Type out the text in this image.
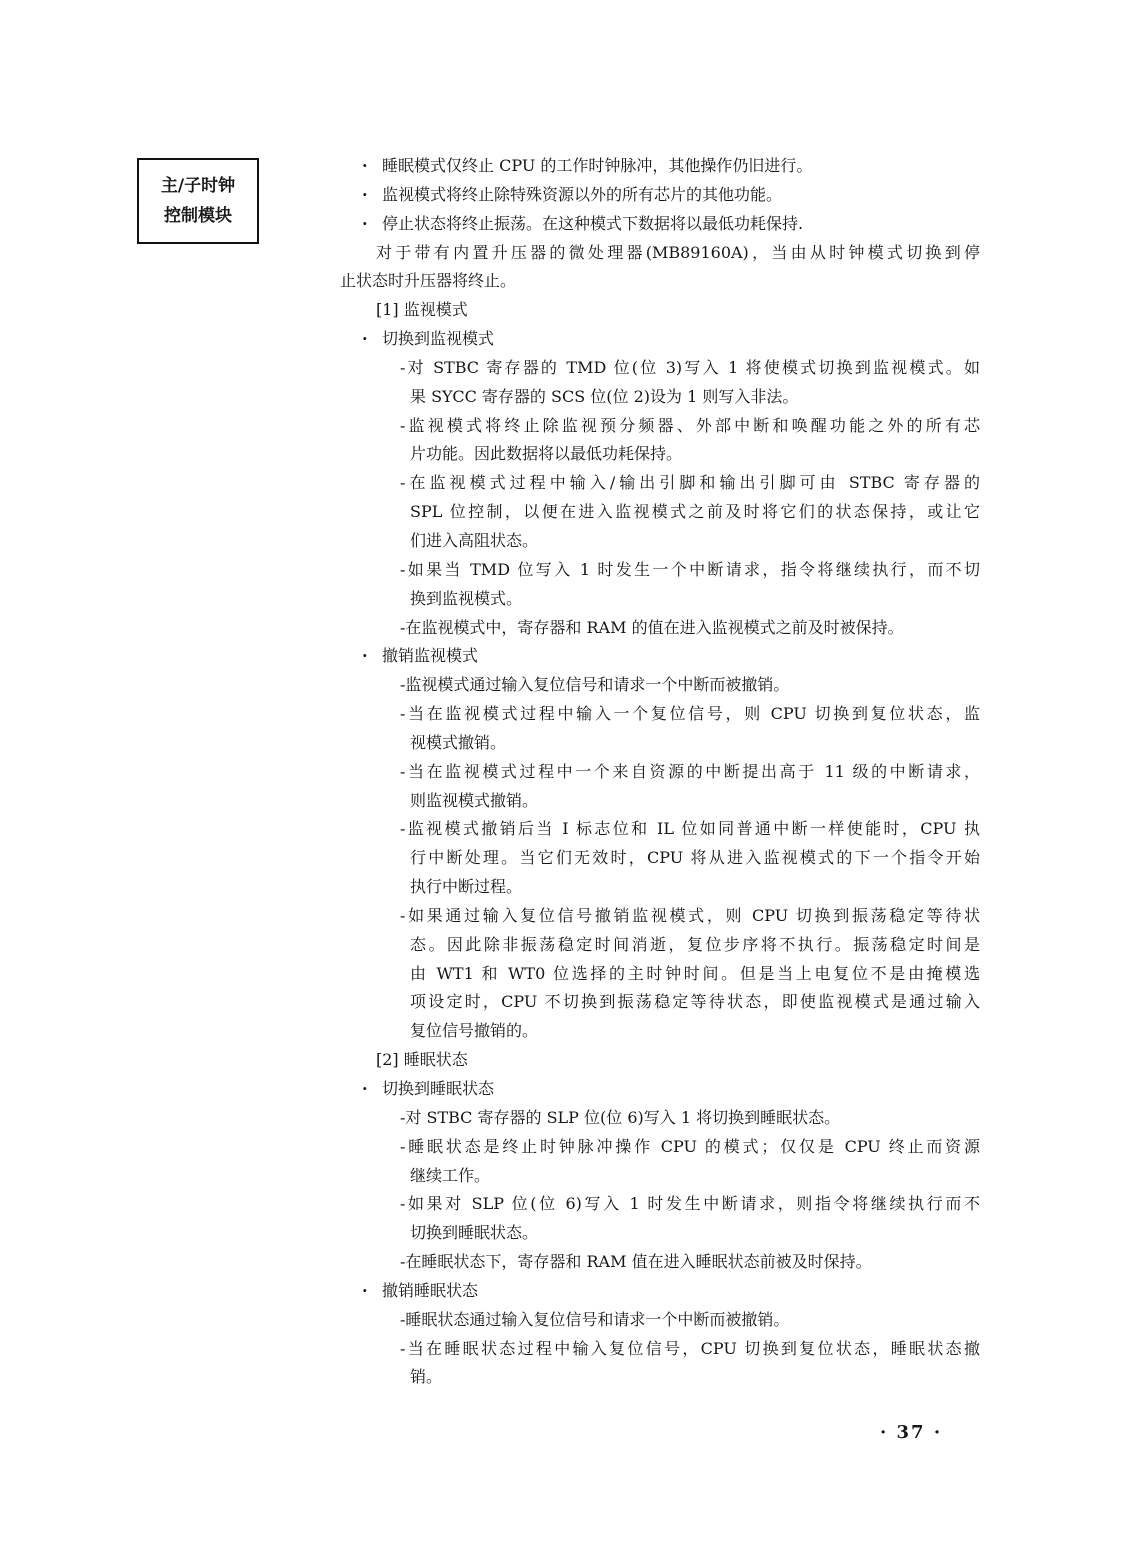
主/子时钟
控制模块
· 睡眠模式仅终止 CPU 的工作时钟脉冲，其他操作仍旧进行。
· 监视模式将终止除特殊资源以外的所有芯片的其他功能。
· 停止状态将终止振荡。在这种模式下数据将以最低功耗保持.
对于带有内置升压器的微处理器(MB89160A)，当由从时钟模式切换到停
止状态时升压器将终止。
[1] 监视模式
· 切换到监视模式
-对 STBC 寄存器的 TMD 位(位 3)写入 1 将使模式切换到监视模式。如
果 SYCC 寄存器的 SCS 位(位 2)设为 1 则写入非法。
-监视模式将终止除监视预分频器、外部中断和唤醒功能之外的所有芯
片功能。因此数据将以最低功耗保持。
-在监视模式过程中输入/输出引脚和输出引脚可由 STBC 寄存器的
SPL 位控制，以便在进入监视模式之前及时将它们的状态保持，或让它
们进入高阻状态。
-如果当 TMD 位写入 1 时发生一个中断请求，指令将继续执行，而不切
换到监视模式。
-在监视模式中，寄存器和 RAM 的值在进入监视模式之前及时被保持。
· 撤销监视模式
-监视模式通过输入复位信号和请求一个中断而被撤销。
-当在监视模式过程中输入一个复位信号，则 CPU 切换到复位状态，监
视模式撤销。
-当在监视模式过程中一个来自资源的中断提出高于 11 级的中断请求，
则监视模式撤销。
-监视模式撤销后当 I 标志位和 IL 位如同普通中断一样使能时，CPU 执
行中断处理。当它们无效时，CPU 将从进入监视模式的下一个指令开始
执行中断过程。
-如果通过输入复位信号撤销监视模式，则 CPU 切换到振荡稳定等待状
态。因此除非振荡稳定时间消逝，复位步序将不执行。振荡稳定时间是
由 WT1 和 WT0 位选择的主时钟时间。但是当上电复位不是由掩模选
项设定时，CPU 不切换到振荡稳定等待状态，即使监视模式是通过输入
复位信号撤销的。
[2] 睡眠状态
· 切换到睡眠状态
-对 STBC 寄存器的 SLP 位(位 6)写入 1 将切换到睡眠状态。
-睡眠状态是终止时钟脉冲操作 CPU 的模式；仅仅是 CPU 终止而资源
继续工作。
-如果对 SLP 位(位 6)写入 1 时发生中断请求，则指令将继续执行而不
切换到睡眠状态。
-在睡眠状态下，寄存器和 RAM 值在进入睡眠状态前被及时保持。
· 撤销睡眠状态
-睡眠状态通过输入复位信号和请求一个中断而被撤销。
-当在睡眠状态过程中输入复位信号，CPU 切换到复位状态，睡眠状态撤
销。
· 37 ·
